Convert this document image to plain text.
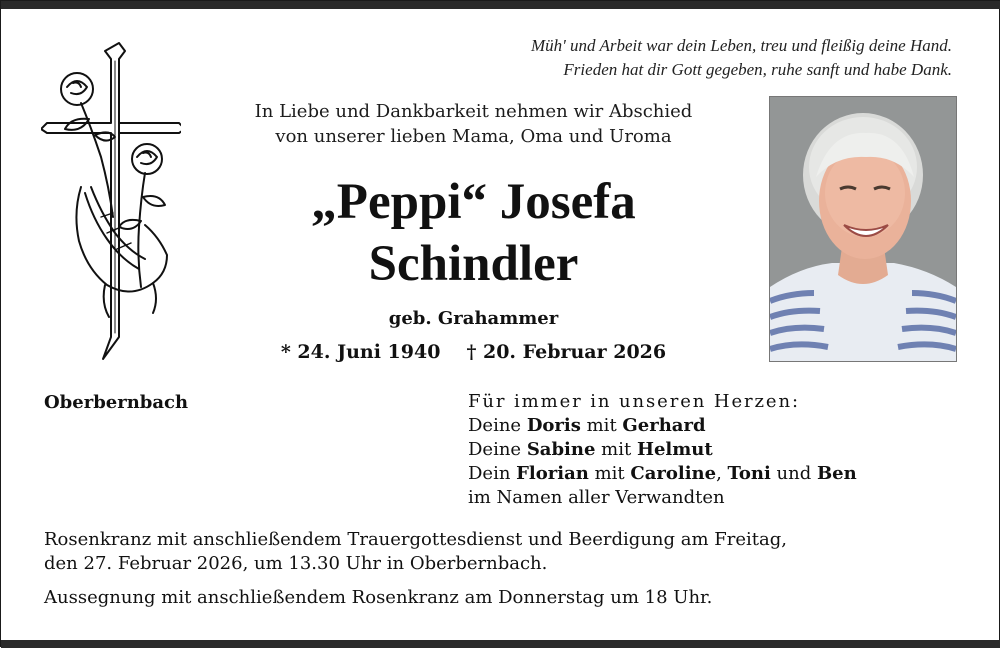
Müh' und Arbeit war dein Leben, treu und fleißig deine Hand.
Frieden hat dir Gott gegeben, ruhe sanft und habe Dank.
In Liebe und Dankbarkeit nehmen wir Abschied
von unserer lieben Mama, Oma und Uroma
„Peppi“ Josefa
Schindler
geb. Grahammer
* 24. Juni 1940 † 20. Februar 2026
Oberbernbach	Für immer in unseren Herzen:
Deine Doris mit Gerhard
Deine Sabine mit Helmut
Dein Florian mit Caroline, Toni und Ben
im Namen aller Verwandten
Rosenkranz mit anschließendem Trauergottesdienst und Beerdigung am Freitag,
den 27. Februar 2026, um 13.30 Uhr in Oberbernbach.
Aussegnung mit anschließendem Rosenkranz am Donnerstag um 18 Uhr.
